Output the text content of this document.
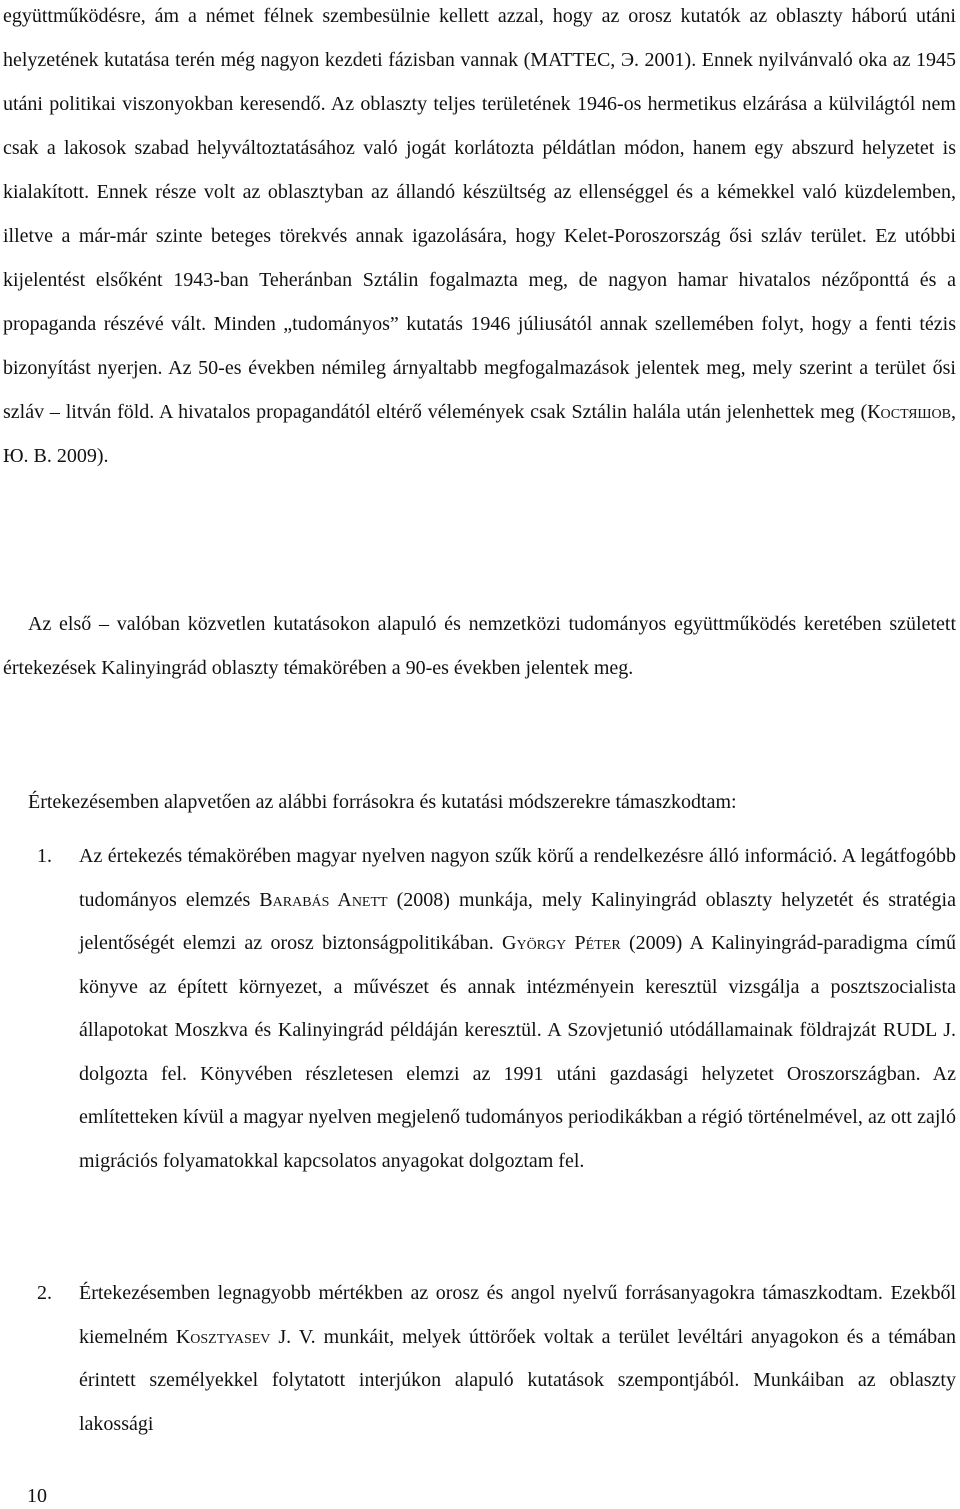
együttműködésre, ám a német félnek szembesülnie kellett azzal, hogy az orosz kutatók az oblaszty háború utáni helyzetének kutatása terén még nagyon kezdeti fázisban vannak (MATTEC, Э. 2001). Ennek nyilvánvaló oka az 1945 utáni politikai viszonyokban keresendő. Az oblaszty teljes területének 1946-os hermetikus elzárása a külvilágtól nem csak a lakosok szabad helyváltoztatásához való jogát korlátozta példátlan módon, hanem egy abszurd helyzetet is kialakított. Ennek része volt az oblasztyban az állandó készültség az ellenséggel és a kémekkel való küzdelemben, illetve a már-már szinte beteges törekvés annak igazolására, hogy Kelet-Poroszország ősi szláv terület. Ez utóbbi kijelentést elsőként 1943-ban Teheránban Sztálin fogalmazta meg, de nagyon hamar hivatalos nézőponttá és a propaganda részévé vált. Minden „tudományos” kutatás 1946 júliusától annak szellemében folyt, hogy a fenti tézis bizonyítást nyerjen. Az 50-es években némileg árnyaltabb megfogalmazások jelentek meg, mely szerint a terület ősi szláv – litván föld. A hivatalos propagandától eltérő vélemények csak Sztálin halála után jelenhettek meg (Костяшов, Ю. В. 2009).

Az első – valóban közvetlen kutatásokon alapuló és nemzetközi tudományos együttműködés keretében született értekezések Kalinyingrád oblaszty témakörében a 90-es években jelentek meg.

Értekezésemben alapvetően az alábbi forrásokra és kutatási módszerekre támaszkodtam:

1. Az értekezés témakörében magyar nyelven nagyon szűk körű a rendelkezésre álló információ. A legátfogóbb tudományos elemzés Barabás Anett (2008) munkája, mely Kalinyingrád oblaszty helyzetét és stratégia jelentőségét elemzi az orosz biztonságpolitikában. György Péter (2009) A Kalinyingrád-paradigma című könyve az épített környezet, a művészet és annak intézményein keresztül vizsgálja a posztszocialista állapotokat Moszkva és Kalinyingrád példáján keresztül. A Szovjetunió utódállamainak földrajzát RUDL J. dolgozta fel. Könyvében részletesen elemzi az 1991 utáni gazdasági helyzetet Oroszországban. Az említetteken kívül a magyar nyelven megjelenő tudományos periodikákban a régió történelmével, az ott zajló migrációs folyamatokkal kapcsolatos anyagokat dolgoztam fel.

2. Értekezésemben legnagyobb mértékben az orosz és angol nyelvű forrásanyagokra támaszkodtam. Ezekből kiemelném Kosztyasev J. V. munkáit, melyek úttörőek voltak a terület levéltári anyagokon és a témában érintett személyekkel folytatott interjúkon alapuló kutatások szempontjából. Munkáiban az oblaszty lakossági

10
